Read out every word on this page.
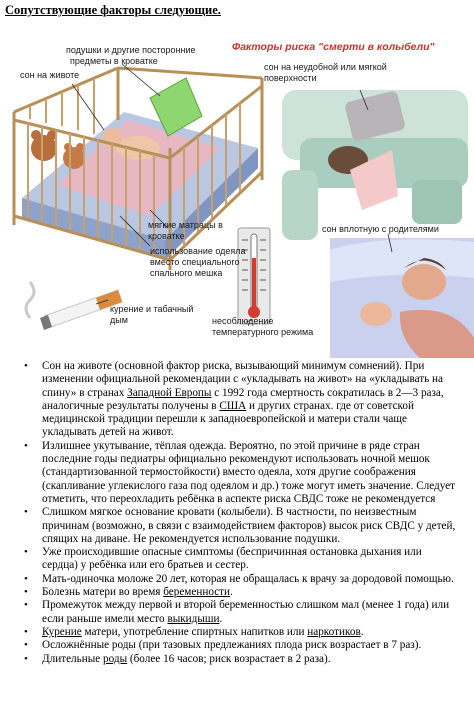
Сопутствующие факторы следующие.
Факторы риска "смерти в колыбели"
подушки и другие посторонние
предметы в кроватке
сон на животе
сон на неудобной или мягкой
поверхности
мягкие матрацы в
кроватке
использование одеяла
вместо специального
спального мешка
сон вплотную с родителями
курение и табачный
дым	несоблюдение
температурного режима
• Сон на животе (основной фактор риска, вызывающий минимум сомнений). При изменении официальной рекомендации с «укладывать на живот» на «укладывать на спину» в странах Западной Европы с 1992 года смертность сократилась в 2—3 раза, аналогичные результаты получены в США и других странах. где от советской медицинской традиции перешли к западноевропейской и матери стали чаще укладывать детей на живот.
• Излишнее укутывание, тёплая одежда. Вероятно, по этой причине в ряде стран последние годы педиатры официально рекомендуют использовать ночной мешок (стандартизованной термостойкости) вместо одеяла, хотя другие соображения (скапливание углекислого газа под одеялом и др.) тоже могут иметь значение. Следует отметить, что переохладить ребёнка в аспекте риска СВДС тоже не рекомендуется
• Слишком мягкое основание кровати (колыбели). В частности, по неизвестным причинам (возможно, в связи с взаимодействием факторов) высок риск СВДС у детей, спящих на диване. Не рекомендуется использование подушки.
• Уже происходившие опасные симптомы (беспричинная остановка дыхания или сердца) у ребёнка или его братьев и сестер.
• Мать-одиночка моложе 20 лет, которая не обращалась к врачу за дородовой помощью.
• Болезнь матери во время беременности.
• Промежуток между первой и второй беременностью слишком мал (менее 1 года) или если раньше имели место выкидыши.
• Курение матери, употребление спиртных напитков или наркотиков.
• Осложнённые роды (при тазовых предлежаниях плода риск возрастает в 7 раз).
• Длительные роды (более 16 часов; риск возрастает в 2 раза).
